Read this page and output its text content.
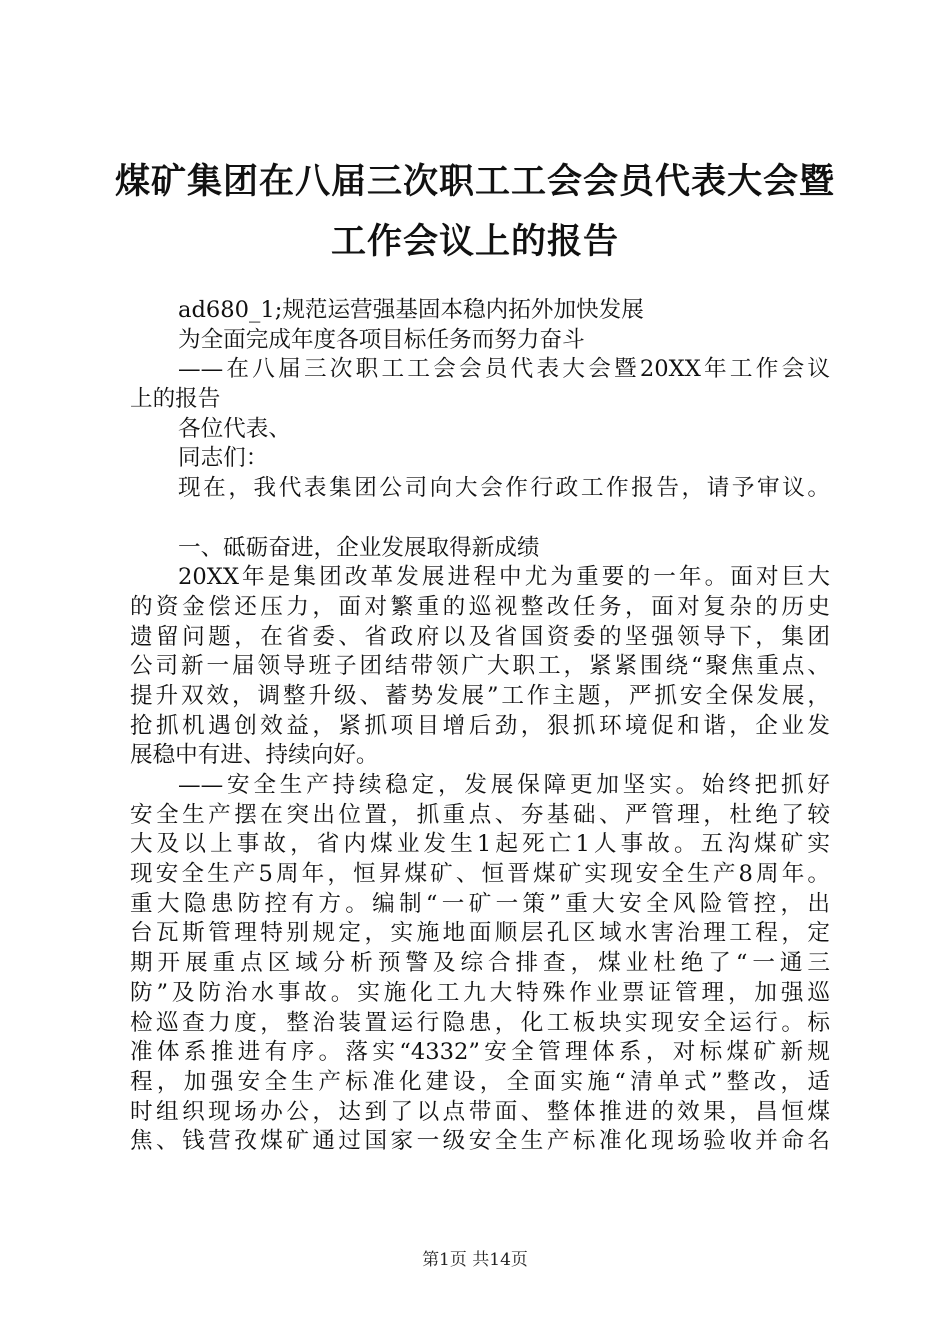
煤矿集团在八届三次职工工会会员代表大会暨
工作会议上的报告
ad680_1;规范运营强基固本稳内拓外加快发展
为全面完成年度各项目标任务而努力奋斗
——在八届三次职工工会会员代表大会暨20XX年工作会议
上的报告
各位代表、
同志们：
现在，我代表集团公司向大会作行政工作报告，请予审议。
一、砥砺奋进，企业发展取得新成绩
20XX年是集团改革发展进程中尤为重要的一年。面对巨大
的资金偿还压力，面对繁重的巡视整改任务，面对复杂的历史
遗留问题，在省委、省政府以及省国资委的坚强领导下，集团
公司新一届领导班子团结带领广大职工，紧紧围绕“聚焦重点、
提升双效，调整升级、蓄势发展”工作主题，严抓安全保发展，
抢抓机遇创效益，紧抓项目增后劲，狠抓环境促和谐，企业发
展稳中有进、持续向好。
——安全生产持续稳定，发展保障更加坚实。始终把抓好
安全生产摆在突出位置，抓重点、夯基础、严管理，杜绝了较
大及以上事故，省内煤业发生1起死亡1人事故。五沟煤矿实
现安全生产5周年，恒昇煤矿、恒晋煤矿实现安全生产8周年。
重大隐患防控有方。编制“一矿一策”重大安全风险管控，出
台瓦斯管理特别规定，实施地面顺层孔区域水害治理工程，定
期开展重点区域分析预警及综合排查，煤业杜绝了“一通三
防”及防治水事故。实施化工九大特殊作业票证管理，加强巡
检巡查力度，整治装置运行隐患，化工板块实现安全运行。标
准体系推进有序。落实“4332”安全管理体系，对标煤矿新规
程，加强安全生产标准化建设，全面实施“清单式”整改，适
时组织现场办公，达到了以点带面、整体推进的效果，昌恒煤
焦、钱营孜煤矿通过国家一级安全生产标准化现场验收并命名
第1页 共14页
